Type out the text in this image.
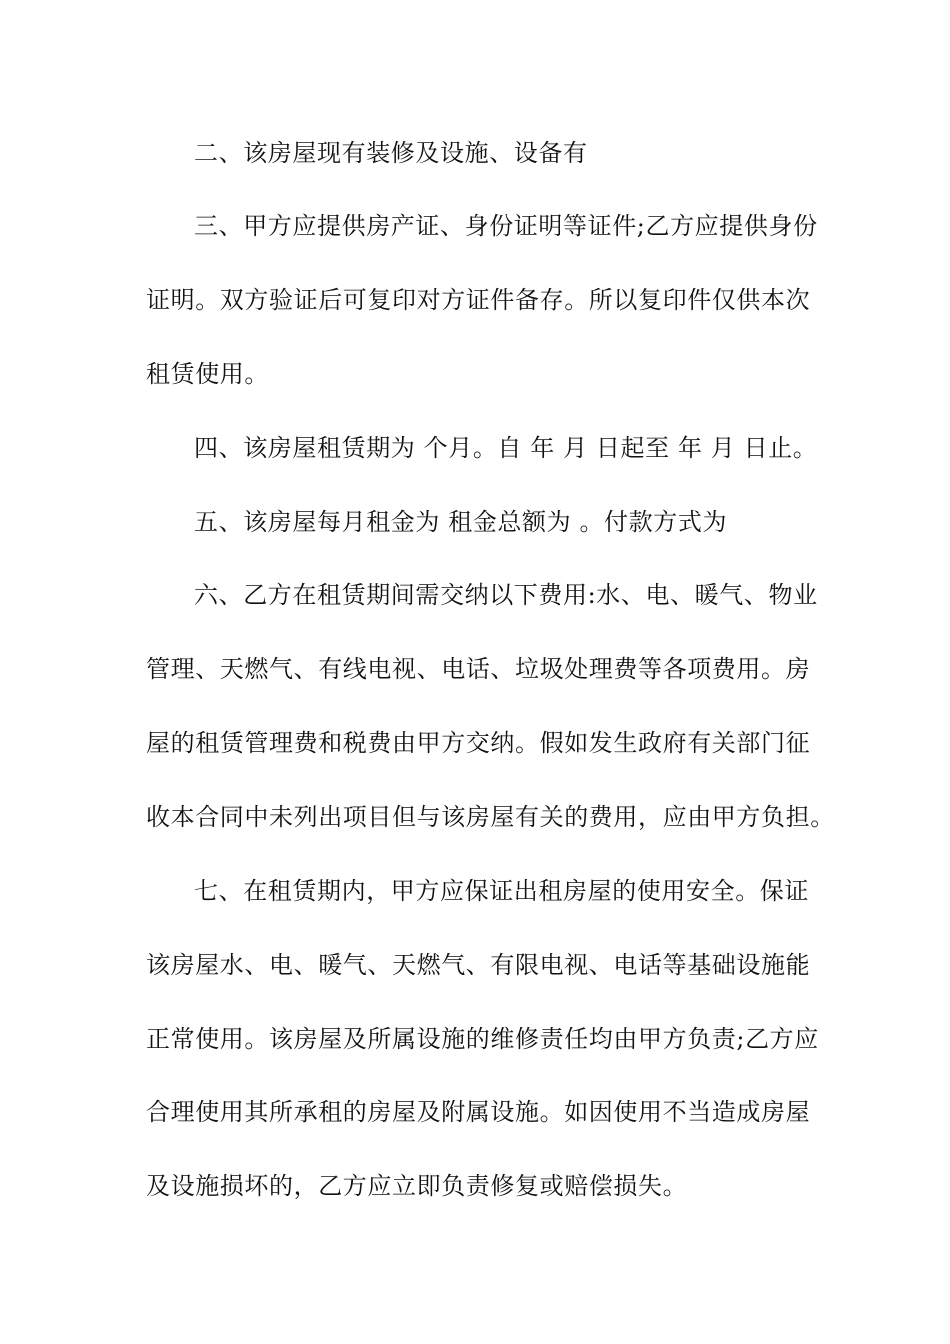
二、该房屋现有装修及设施、设备有
三、甲方应提供房产证、身份证明等证件;乙方应提供身份
证明。双方验证后可复印对方证件备存。所以复印件仅供本次
租赁使用。
四、该房屋租赁期为 个月。自 年 月 日起至 年 月 日止。
五、该房屋每月租金为 租金总额为 。付款方式为
六、乙方在租赁期间需交纳以下费用:水、电、暖气、物业
管理、天燃气、有线电视、电话、垃圾处理费等各项费用。房
屋的租赁管理费和税费由甲方交纳。假如发生政府有关部门征
收本合同中未列出项目但与该房屋有关的费用，应由甲方负担。
七、在租赁期内，甲方应保证出租房屋的使用安全。保证
该房屋水、电、暖气、天燃气、有限电视、电话等基础设施能
正常使用。该房屋及所属设施的维修责任均由甲方负责;乙方应
合理使用其所承租的房屋及附属设施。如因使用不当造成房屋
及设施损坏的，乙方应立即负责修复或赔偿损失。
